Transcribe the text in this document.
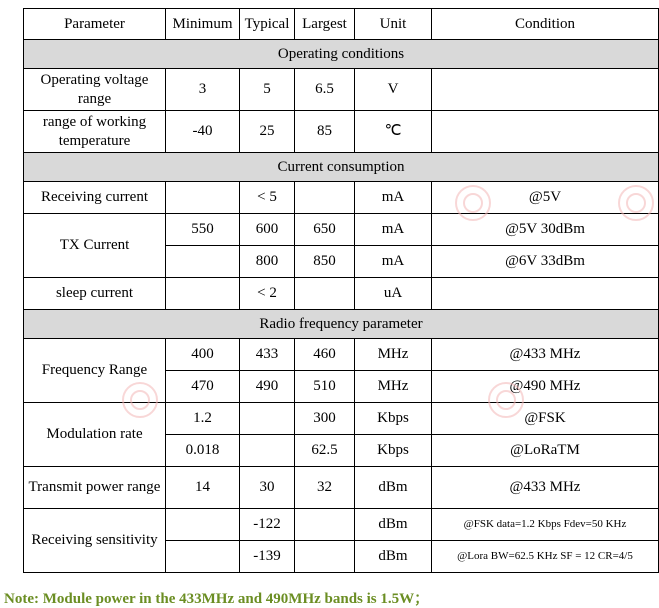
Parameter	Minimum	Typical	Largest	Unit	Condition
Operating conditions					
Operating voltage range	3	5	6.5	V	
range of working temperature	-40	25	85	℃	
Current consumption					
Receiving current		< 5		mA	@5V
TX Current	550	600	650	mA	@5V 30dBm
		800	850	mA	@6V 33dBm
sleep current		< 2		uA	
Radio frequency parameter					
Frequency Range	400	433	460	MHz	@433 MHz
	470	490	510	MHz	@490 MHz
Modulation rate	1.2		300	Kbps	@FSK
	0.018		62.5	Kbps	@LoRaTM
Transmit power range	14	30	32	dBm	@433 MHz
Receiving sensitivity		-122		dBm	@FSK data=1.2 Kbps Fdev=50 KHz
		-139		dBm	@Lora BW=62.5 KHz SF = 12 CR=4/5
Note: Module power in the 433MHz and 490MHz bands is 1.5W；
